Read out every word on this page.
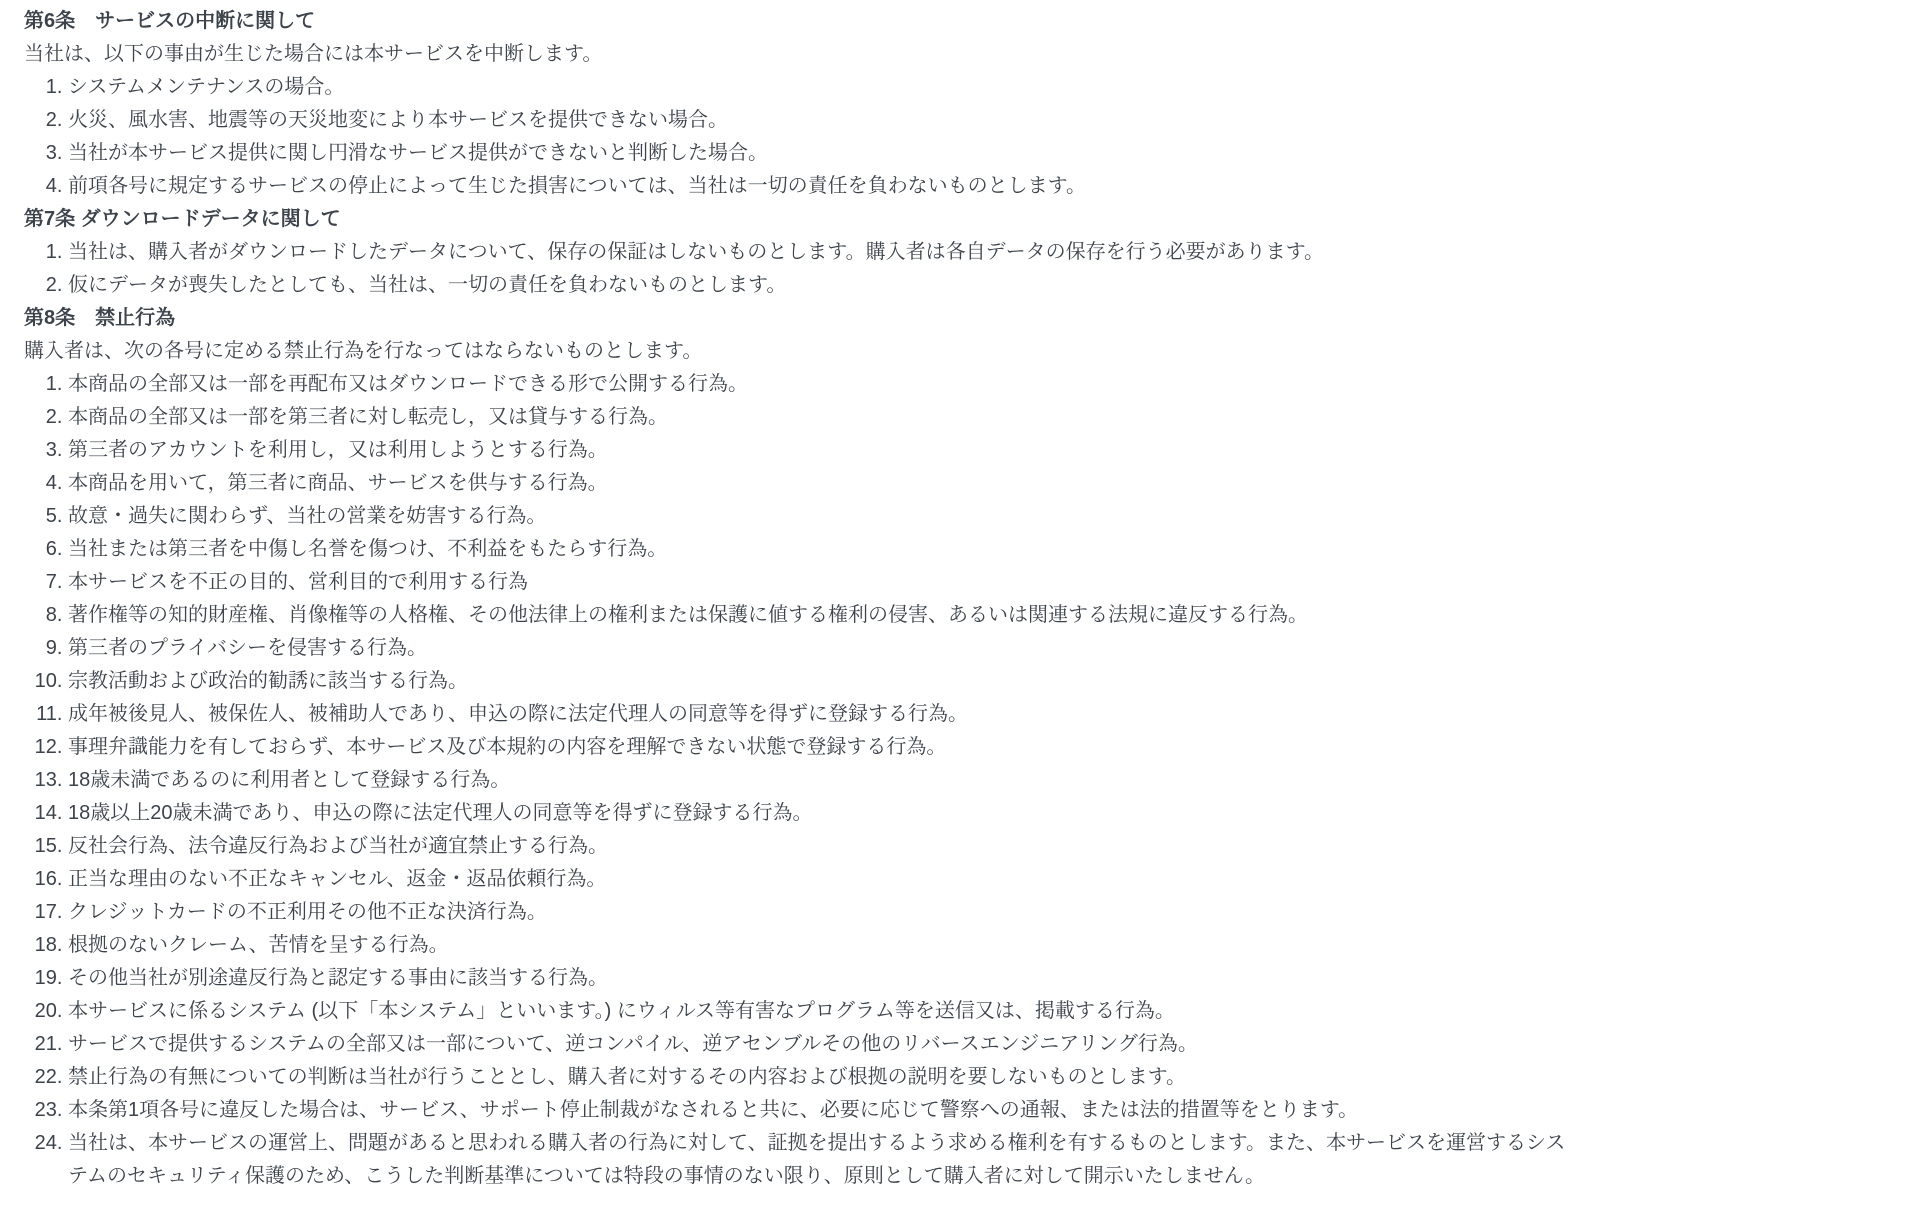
第6条　サービスの中断に関して

当社は、以下の事由が生じた場合には本サービスを中断します。

1. システムメンテナンスの場合。
2. 火災、風水害、地震等の天災地変により本サービスを提供できない場合。
3. 当社が本サービス提供に関し円滑なサービス提供ができないと判断した場合。
4. 前項各号に規定するサービスの停止によって生じた損害については、当社は一切の責任を負わないものとします。

第7条 ダウンロードデータに関して

1. 当社は、購入者がダウンロードしたデータについて、保存の保証はしないものとします。購入者は各自データの保存を行う必要があります。
2. 仮にデータが喪失したとしても、当社は、一切の責任を負わないものとします。

第8条　禁止行為

購入者は、次の各号に定める禁止行為を行なってはならないものとします。

1. 本商品の全部又は一部を再配布又はダウンロードできる形で公開する行為。
2. 本商品の全部又は一部を第三者に対し転売し，又は貸与する行為。
3. 第三者のアカウントを利用し，又は利用しようとする行為。
4. 本商品を用いて，第三者に商品、サービスを供与する行為。
5. 故意・過失に関わらず、当社の営業を妨害する行為。
6. 当社または第三者を中傷し名誉を傷つけ、不利益をもたらす行為。
7. 本サービスを不正の目的、営利目的で利用する行為
8. 著作権等の知的財産権、肖像権等の人格権、その他法律上の権利または保護に値する権利の侵害、あるいは関連する法規に違反する行為。
9. 第三者のプライバシーを侵害する行為。
10. 宗教活動および政治的勧誘に該当する行為。
11. 成年被後見人、被保佐人、被補助人であり、申込の際に法定代理人の同意等を得ずに登録する行為。
12. 事理弁識能力を有しておらず、本サービス及び本規約の内容を理解できない状態で登録する行為。
13. 18歳未満であるのに利用者として登録する行為。
14. 18歳以上20歳未満であり、申込の際に法定代理人の同意等を得ずに登録する行為。
15. 反社会行為、法令違反行為および当社が適宜禁止する行為。
16. 正当な理由のない不正なキャンセル、返金・返品依頼行為。
17. クレジットカードの不正利用その他不正な決済行為。
18. 根拠のないクレーム、苦情を呈する行為。
19. その他当社が別途違反行為と認定する事由に該当する行為。
20. 本サービスに係るシステム (以下「本システム」といいます。) にウィルス等有害なプログラム等を送信又は、掲載する行為。
21. サービスで提供するシステムの全部又は一部について、逆コンパイル、逆アセンブルその他のリバースエンジニアリング行為。
22. 禁止行為の有無についての判断は当社が行うこととし、購入者に対するその内容および根拠の説明を要しないものとします。
23. 本条第1項各号に違反した場合は、サービス、サポート停止制裁がなされると共に、必要に応じて警察への通報、または法的措置等をとります。
24. 当社は、本サービスの運営上、問題があると思われる購入者の行為に対して、証拠を提出するよう求める権利を有するものとします。また、本サービスを運営するシステムのセキュリティ保護のため、こうした判断基準については特段の事情のない限り、原則として購入者に対して開示いたしません。
